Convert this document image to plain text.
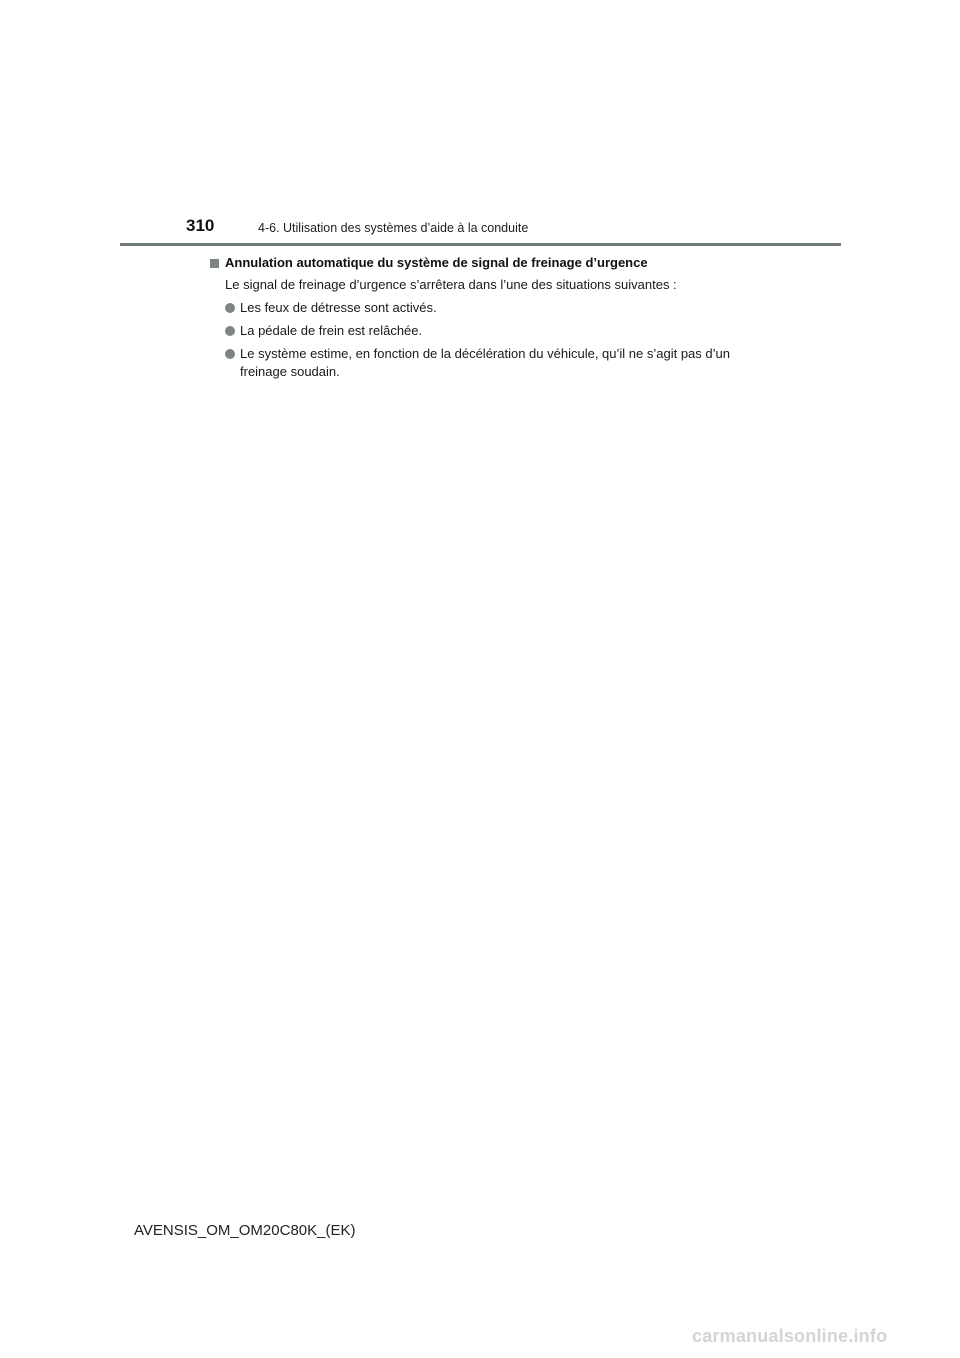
310	4-6. Utilisation des systèmes d’aide à la conduite
Annulation automatique du système de signal de freinage d’urgence
Le signal de freinage d’urgence s’arrêtera dans l’une des situations suivantes :
Les feux de détresse sont activés.
La pédale de frein est relâchée.
Le système estime, en fonction de la décélération du véhicule, qu’il ne s’agit pas d’un freinage soudain.
AVENSIS_OM_OM20C80K_(EK)
carmanualsonline.info
